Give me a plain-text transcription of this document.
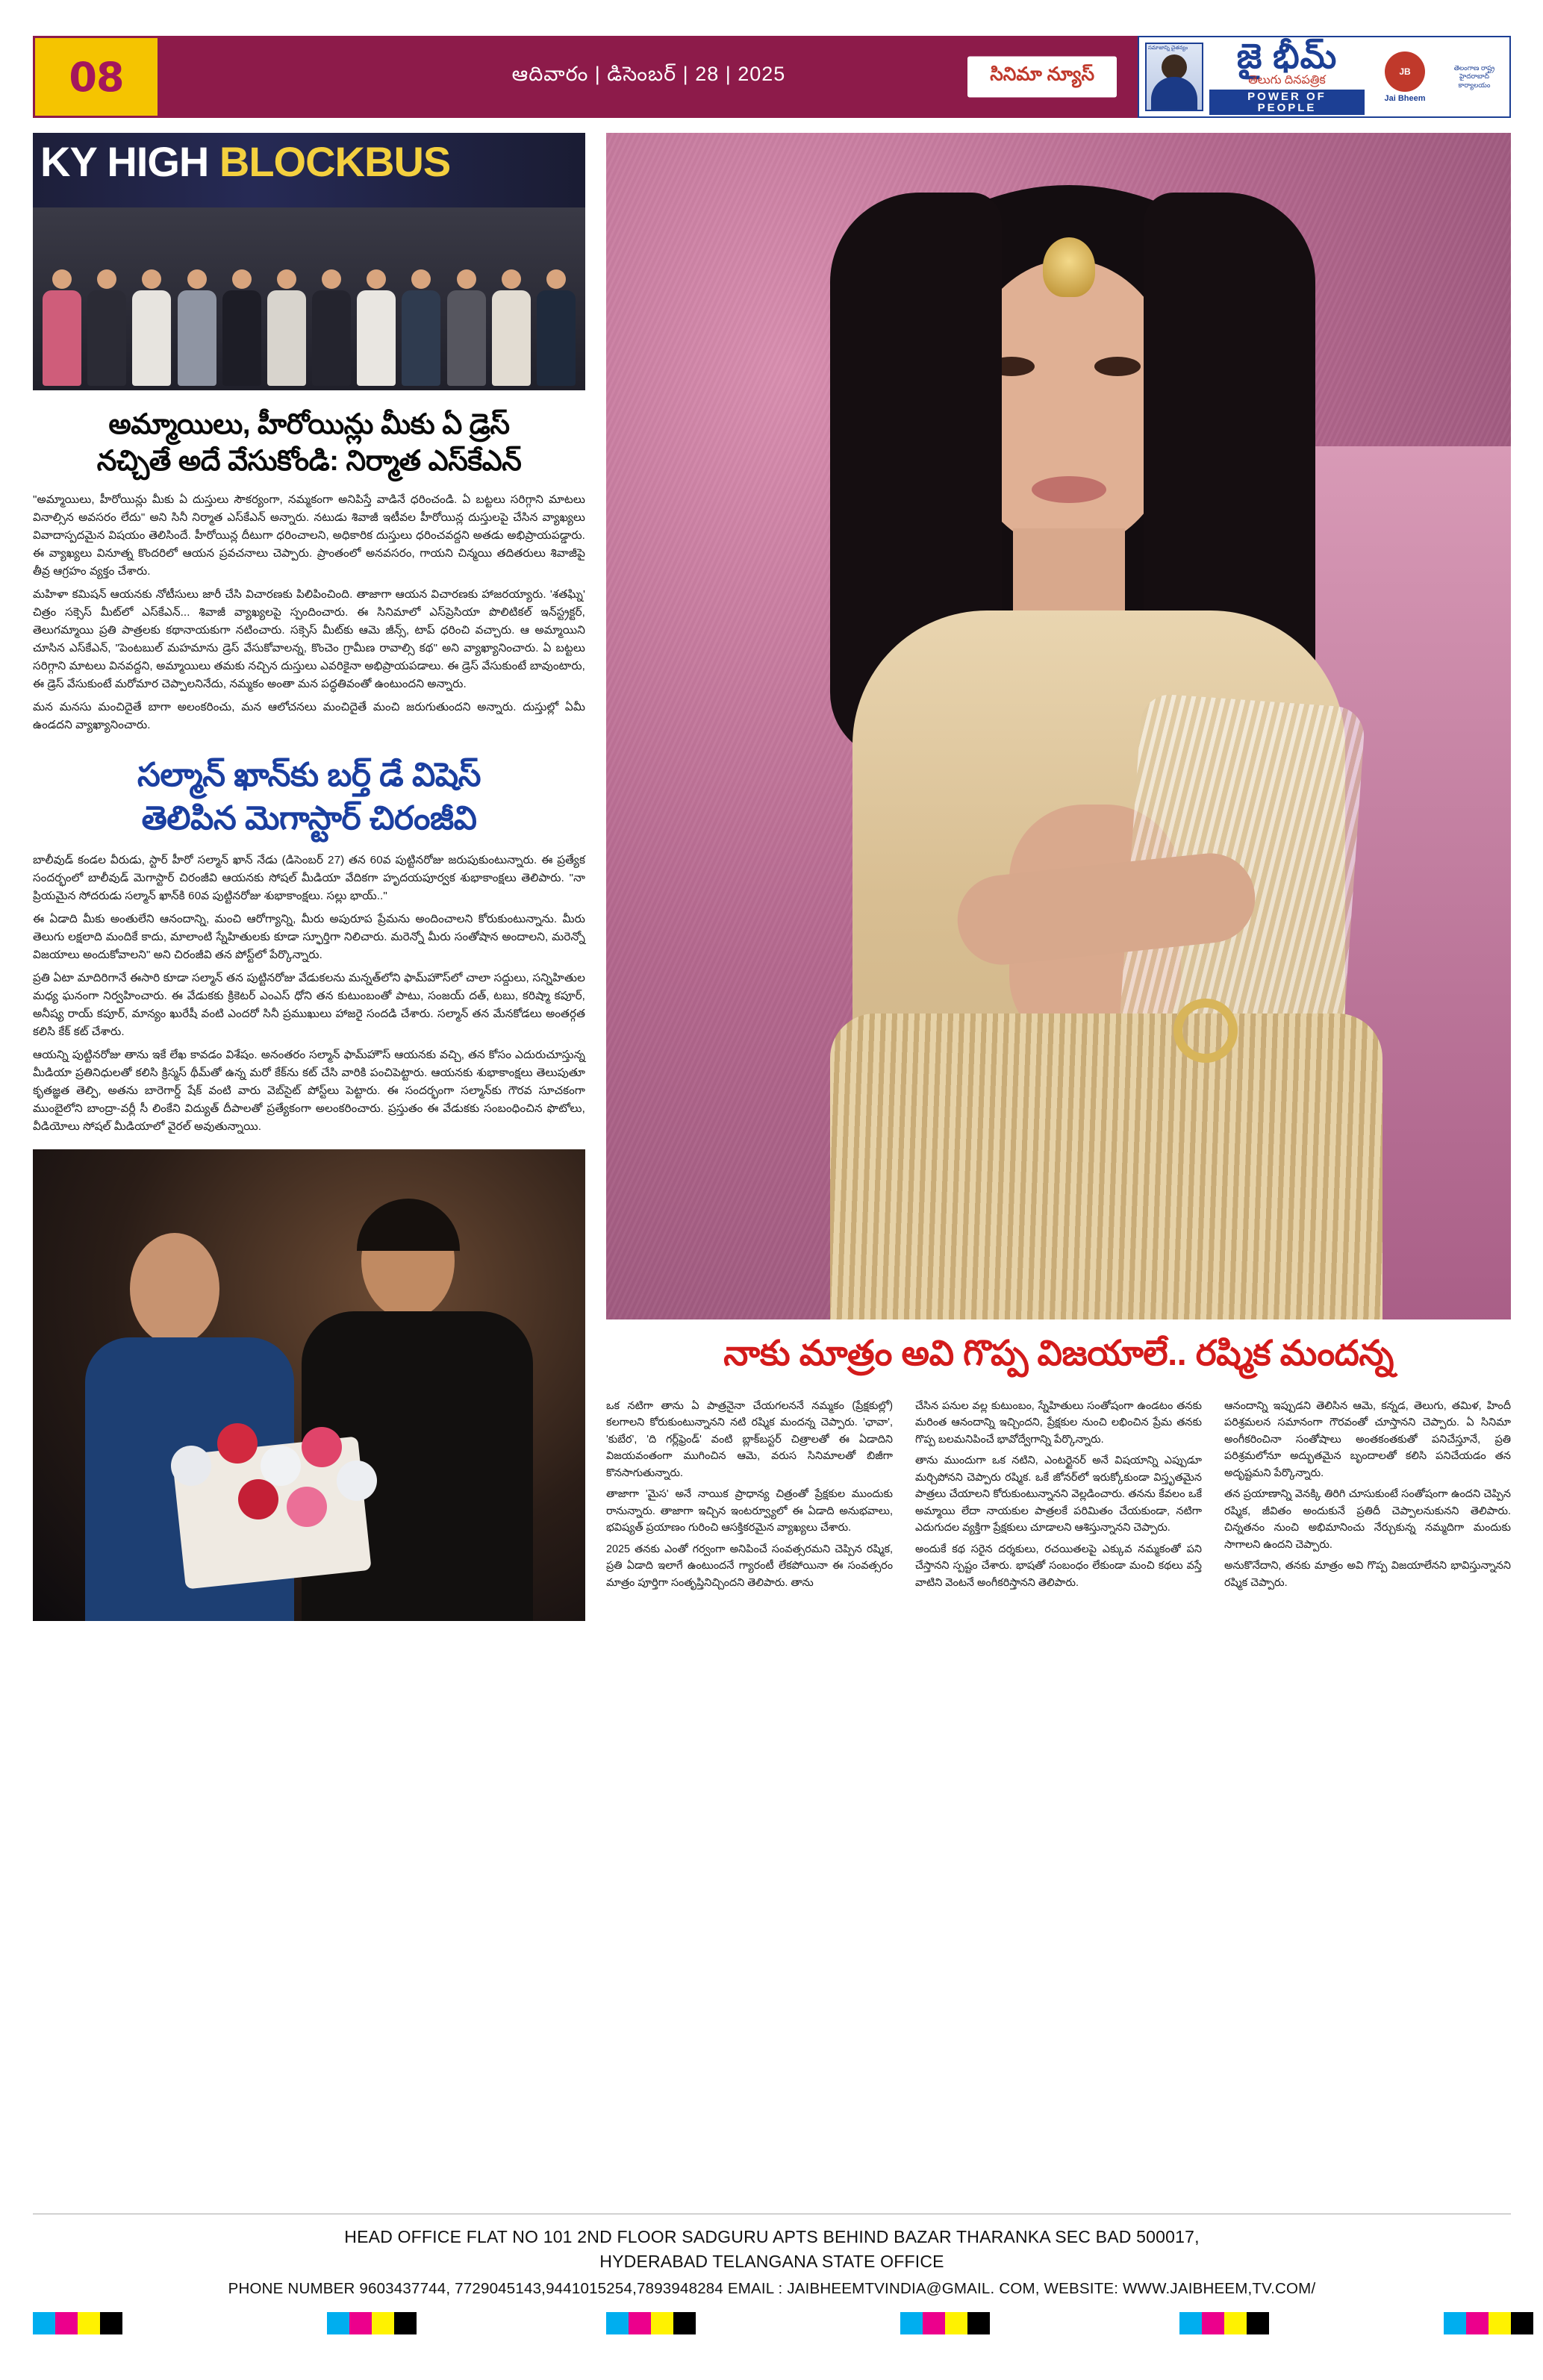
08	ఆదివారం | డిసెంబర్ | 28 | 2025	సినిమా న్యూస్
సమాజాన్ని చైతన్యం జై భీమ్
తెలుగు దినపత్రిక
POWER OF PEOPLE
JB
Jai Bheem
తెలంగాణ రాష్ట్ర హైదరాబాద్ కార్యాలయం
KY HIGH BLOCKBUS
అమ్మాయిలు, హీరోయిన్లు మీకు ఏ డ్రెస్
నచ్చితే అదే వేసుకోండి: నిర్మాత ఎస్‌కేఎన్

"అమ్మాయిలు, హీరోయిన్లు మీకు ఏ దుస్తులు సౌకర్యంగా, నమ్మకంగా అనిపిస్తే వాడినే ధరించండి. ఏ బట్టలు సరిగ్గాని మాటలు వినాల్సిన అవసరం లేదు" అని సినీ నిర్మాత ఎస్‌కేఎన్ అన్నారు. నటుడు శివాజీ ఇటీవల హీరోయిన్ల దుస్తులపై చేసిన వ్యాఖ్యలు వివాదాస్పదమైన విషయం తెలిసిందే. హీరోయిన్ల దీటుగా ధరించాలని, అధికారిక దుస్తులు ధరించవద్దని అతడు అభిప్రాయపడ్డారు. ఈ వ్యాఖ్యలు వినూత్న కొందరిలో ఆయన ప్రవచనాలు చెప్పారు. ప్రాంతంలో అనవసరం, గాయని చిన్మయి తదితరులు శివాజీపై తీవ్ర ఆగ్రహం వ్యక్తం చేశారు.

మహిళా కమిషన్ ఆయనకు నోటీసులు జారీ చేసి విచారణకు పిలిపించింది. తాజాగా ఆయన విచారణకు హాజరయ్యారు. 'శతఘ్ని' చిత్రం సక్సెస్ మీట్‌లో ఎస్‌కేఎన్... శివాజీ వ్యాఖ్యలపై స్పందించారు. ఈ సినిమాలో ఎస్‌ప్రెసియా పొలిటికల్ ఇన్‌స్ట్రక్టర్, తెలుగమ్మాయి ప్రతి పాత్రలకు కథానాయకుగా నటించారు. సక్సెస్ మీట్‌కు ఆమె జీన్స్, టాప్ ధరించి వచ్చారు. ఆ అమ్మాయిని చూసిన ఎస్‌కేఎన్, "పెంటబుల్ మహమాను డ్రెస్ వేసుకోవాలన్న, కొంచెం గ్రామీణ రావాల్సి కథ" అని వ్యాఖ్యానించారు. ఏ బట్టలు సరిగ్గాని మాటలు వినవద్దని, అమ్మాయిలు తమకు నచ్చిన దుస్తులు ఎవరికైనా అభిప్రాయపడాలు. ఈ డ్రెస్ వేసుకుంటే బావుంటారు, ఈ డ్రెస్ వేసుకుంటే మరోమార చెప్పాలనినేదు, నమ్మకం అంతా మన పద్ధతివంతో ఉంటుందని అన్నారు.

మన మనసు మంచిదైతే బాగా అలంకరించు, మన ఆలోచనలు మంచిదైతే మంచి జరుగుతుందని అన్నారు. దుస్తుల్లో ఏమీ ఉండదని వ్యాఖ్యానించారు.

సల్మాన్ ఖాన్‌కు బర్త్ డే విషెస్
తెలిపిన మెగాస్టార్ చిరంజీవి

బాలీవుడ్ కండల వీరుడు, స్టార్ హీరో సల్మాన్ ఖాన్ నేడు (డిసెంబర్ 27) తన 60వ పుట్టినరోజు జరుపుకుంటున్నారు. ఈ ప్రత్యేక సందర్భంలో బాలీవుడ్ మెగాస్టార్ చిరంజీవి ఆయనకు సోషల్ మీడియా వేదికగా హృదయపూర్వక శుభాకాంక్షలు తెలిపారు. "నా ప్రియమైన సోదరుడు సల్మాన్ ఖాన్‌కి 60వ పుట్టినరోజు శుభాకాంక్షలు. సల్లు భాయ్.."

ఈ ఏడాది మీకు అంతులేని ఆనందాన్ని, మంచి ఆరోగ్యాన్ని, మీరు అపురూప ప్రేమను అందించాలని కోరుకుంటున్నాను. మీరు తెలుగు లక్షలాది మందికే కాదు, మాలాంటి స్నేహితులకు కూడా స్ఫూర్తిగా నిలిచారు. మరెన్నో మీరు సంతోషాన అందాలని, మరెన్నో విజయాలు అందుకోవాలని" అని చిరంజీవి తన పోస్ట్‌లో పేర్కొన్నారు.

ప్రతి ఏటా మాదిరిగానే ఈసారి కూడా సల్మాన్ తన పుట్టినరోజు వేడుకలను మన్నత్‌లోని ఫామ్‌హౌస్‌లో చాలా సద్దులు, సన్నిహితుల మధ్య ఘనంగా నిర్వహించారు. ఈ వేడుకకు క్రికెటర్ ఎంఎస్ ధోని తన కుటుంబంతో పాటు, సంజయ్ దత్, టబు, కరిష్మా కపూర్, అనీష్య రాయ్ కపూర్, మాన్యం ఖురేషీ వంటి ఎందరో సినీ ప్రముఖులు హాజరై సందడి చేశారు. సల్మాన్ తన మేనకోడలు అంతర్గత కలిసి కేక్ కట్ చేశారు.

ఆయన్ని పుట్టినరోజు తాను ఇకే లేఖ కావడం విశేషం. అనంతరం సల్మాన్ ఫామ్‌హౌస్ ఆయనకు వచ్చి, తన కోసం ఎదురుచూస్తున్న మీడియా ప్రతినిధులతో కలిసి క్రిస్మస్ థీమ్‌తో ఉన్న మరో కేక్‌ను కట్ చేసి వారికి పంచిపెట్టారు. ఆయనకు శుభాకాంక్షలు తెలుపుతూ కృతజ్ఞత తెల్పి, అతను బారెగార్డ్ షేక్ వంటి వారు వెబ్‌సైట్ పోస్ట్‌లు పెట్టారు. ఈ సందర్భంగా సల్మాన్‌కు గౌరవ సూచకంగా ముంబైలోని బాంద్రా-వర్లీ సీ లింకేని విద్యుత్ దీపాలతో ప్రత్యేకంగా అలంకరించారు. ప్రస్తుతం ఈ వేడుకకు సంబంధించిన ఫొటోలు, వీడియోలు సోషల్ మీడియాలో వైరల్ అవుతున్నాయి.

నాకు మాత్రం అవి గొప్ప విజయాలే.. రష్మిక మందన్న

ఒక నటిగా తాను ఏ పాత్రనైనా చేయగలననే నమ్మకం (ప్రేక్షకుల్లో) కలగాలని కోరుకుంటున్నానని నటి రష్మిక మందన్న చెప్పారు. 'ఛావా', 'కుబేర', 'ది గర్ల్‌ఫ్రెండ్' వంటి బ్లాక్‌బస్టర్ చిత్రాలతో ఈ ఏడాదిని విజయవంతంగా ముగించిన ఆమె, వరుస సినిమాలతో బిజీగా కొనసాగుతున్నారు.

తాజాగా 'మైస' అనే నాయిక ప్రాధాన్య చిత్రంతో ప్రేక్షకుల ముందుకు రానున్నారు. తాజాగా ఇచ్చిన ఇంటర్వ్యూలో ఈ ఏడాది అనుభవాలు, భవిష్యత్ ప్రయాణం గురించి ఆసక్తికరమైన వ్యాఖ్యలు చేశారు.

2025 తనకు ఎంతో గర్వంగా అనిపించే సంవత్సరమని చెప్పిన రష్మిక, ప్రతి ఏడాది ఇలాగే ఉంటుందనే గ్యారంటీ లేకపోయినా ఈ సంవత్సరం మాత్రం పూర్తిగా సంతృప్తినిచ్చిందని తెలిపారు. తాను

చేసిన పనుల వల్ల కుటుంబం, స్నేహితులు సంతోషంగా ఉండటం తనకు మరింత ఆనందాన్ని ఇచ్చిందని, ప్రేక్షకుల నుంచి లభించిన ప్రేమ తనకు గొప్ప బలమనిపించే భావోద్వేగాన్ని పేర్కొన్నారు.

తాను ముందుగా ఒక నటిని, ఎంటర్టైనర్ అనే విషయాన్ని ఎప్పుడూ మర్చిపోనని చెప్పారు రష్మిక. ఒకే జోనర్‌లో ఇరుక్కోకుండా విస్తృతమైన పాత్రలు చేయాలని కోరుకుంటున్నానని వెల్లడించారు. తనను కేవలం ఒకే అమ్మాయి లేదా నాయకుల పాత్రలకే పరిమితం చేయకుండా, నటిగా ఎదుగుదల వ్యక్తిగా ప్రేక్షకులు చూడాలని ఆశిస్తున్నానని చెప్పారు.

అందుకే కథ సరైన దర్శకులు, రచయితలపై ఎక్కువ నమ్మకంతో పని చేస్తానని స్పష్టం చేశారు. భాషతో సంబంధం లేకుండా మంచి కథలు వస్తే వాటిని వెంటనే అంగీకరిస్తానని తెలిపారు.

ఆనందాన్ని ఇప్పుడని తెలిసిన ఆమె, కన్నడ, తెలుగు, తమిళ, హిందీ పరిశ్రమలన సమానంగా గౌరవంతో చూస్తానని చెప్పారు. ఏ సినిమా అంగీకరించినా సంతోషాలు అంతకంతకుతో పనిచేస్తూనే, ప్రతి పరిశ్రమలోనూ అద్భుతమైన బృందాలతో కలిసి పనిచేయడం తన అదృష్టమని పేర్కొన్నారు.

తన ప్రయాణాన్ని వెనక్కి తిరిగి చూసుకుంటే సంతోషంగా ఉందని చెప్పిన రష్మిక, జీవితం అందుకునే ప్రతిదీ చెప్పాలనుకునని తెలిపారు. చిన్నతనం నుంచి అభిమానించు నేర్చుకున్న నమ్మదిగా మందుకు సాగాలని ఉందని చెప్పారు.

అనుకొనేదాని, తనకు మాత్రం అవి గొప్ప విజయాలేనని భావిస్తున్నానని రష్మిక చెప్పారు.

HEAD OFFICE FLAT NO 101 2ND FLOOR SADGURU APTS BEHIND BAZAR THARANKA SEC BAD 500017,
HYDERABAD TELANGANA STATE OFFICE
PHONE NUMBER 9603437744, 7729045143,9441015254,7893948284 EMAIL : JAIBHEEMTVINDIA@GMAIL. COM, WEBSITE: WWW.JAIBHEEM,TV.COM/
